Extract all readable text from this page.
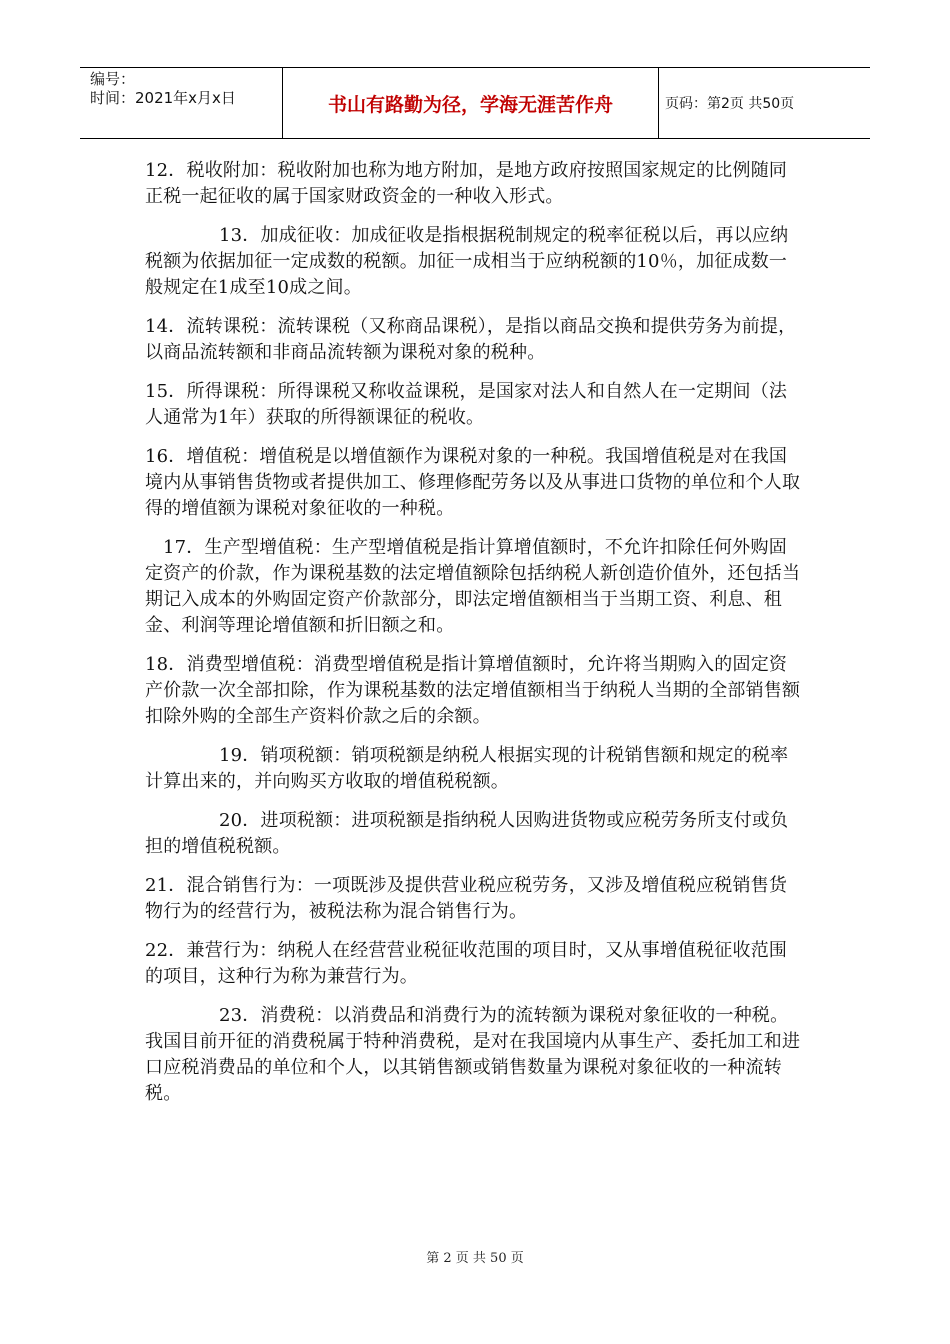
编号：
时间：2021年x月x日	书山有路勤为径，学海无涯苦作舟	页码：第2页 共50页

12．税收附加：税收附加也称为地方附加，是地方政府按照国家规定的比例随同正税一起征收的属于国家财政资金的一种收入形式。

13．加成征收：加成征收是指根据税制规定的税率征税以后，再以应纳税额为依据加征一定成数的税额。加征一成相当于应纳税额的10％，加征成数一般规定在1成至10成之间。

14．流转课税：流转课税（又称商品课税），是指以商品交换和提供劳务为前提，以商品流转额和非商品流转额为课税对象的税种。

15．所得课税：所得课税又称收益课税，是国家对法人和自然人在一定期间（法人通常为1年）获取的所得额课征的税收。

16．增值税：增值税是以增值额作为课税对象的一种税。我国增值税是对在我国境内从事销售货物或者提供加工、修理修配劳务以及从事进口货物的单位和个人取得的增值额为课税对象征收的一种税。

17．生产型增值税：生产型增值税是指计算增值额时，不允许扣除任何外购固定资产的价款，作为课税基数的法定增值额除包括纳税人新创造价值外，还包括当期记入成本的外购固定资产价款部分，即法定增值额相当于当期工资、利息、租金、利润等理论增值额和折旧额之和。

18．消费型增值税：消费型增值税是指计算增值额时，允许将当期购入的固定资产价款一次全部扣除，作为课税基数的法定增值额相当于纳税人当期的全部销售额扣除外购的全部生产资料价款之后的余额。

19．销项税额：销项税额是纳税人根据实现的计税销售额和规定的税率计算出来的，并向购买方收取的增值税税额。

20．进项税额：进项税额是指纳税人因购进货物或应税劳务所支付或负担的增值税税额。

21．混合销售行为：一项既涉及提供营业税应税劳务，又涉及增值税应税销售货物行为的经营行为，被税法称为混合销售行为。

22．兼营行为：纳税人在经营营业税征收范围的项目时，又从事增值税征收范围的项目，这种行为称为兼营行为。

23．消费税：以消费品和消费行为的流转额为课税对象征收的一种税。我国目前开征的消费税属于特种消费税，是对在我国境内从事生产、委托加工和进口应税消费品的单位和个人，以其销售额或销售数量为课税对象征收的一种流转税。

第 2 页 共 50 页
